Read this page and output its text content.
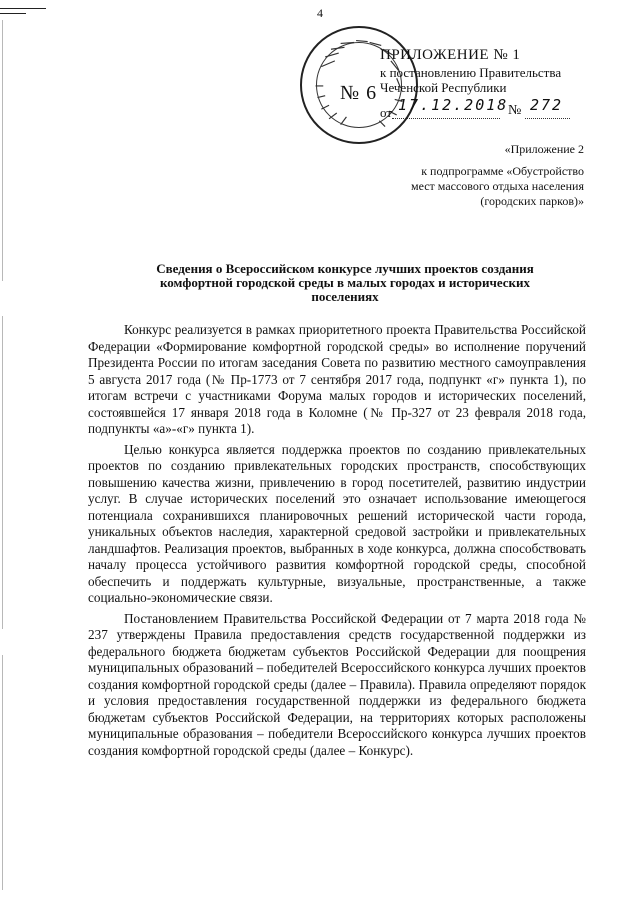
4
№ 6
ПРИЛОЖЕНИЕ № 1
к постановлению Правительства
Чеченской Республики
от 17.12.2018 № 272
«Приложение 2
к подпрограмме «Обустройство
мест массового отдыха населения
(городских парков)»
Сведения о Всероссийском конкурсе лучших проектов создания
комфортной городской среды в малых городах и исторических
поселениях

Конкурс реализуется в рамках приоритетного проекта Правительства Российской Федерации «Формирование комфортной городской среды» во исполнение поручений Президента России по итогам заседания Совета по развитию местного самоуправления 5 августа 2017 года (№ Пр-1773 от 7 сентября 2017 года, подпункт «г» пункта 1), по итогам встречи с участниками Форума малых городов и исторических поселений, состоявшейся 17 января 2018 года в Коломне (№ Пр-327 от 23 февраля 2018 года, подпункты «а»-«г» пункта 1).

Целью конкурса является поддержка проектов по созданию привлекательных проектов по созданию привлекательных городских пространств, способствующих повышению качества жизни, привлечению в город посетителей, развитию индустрии услуг. В случае исторических поселений это означает использование имеющегося потенциала сохранившихся планировочных решений исторической части города, уникальных объектов наследия, характерной средовой застройки и привлекательных ландшафтов. Реализация проектов, выбранных в ходе конкурса, должна способствовать началу процесса устойчивого развития комфортной городской среды, способной обеспечить и поддержать культурные, визуальные, пространственные, а также социально-экономические связи.

Постановлением Правительства Российской Федерации от 7 марта 2018 года № 237 утверждены Правила предоставления средств государственной поддержки из федерального бюджета бюджетам субъектов Российской Федерации для поощрения муниципальных образований – победителей Всероссийского конкурса лучших проектов создания комфортной городской среды (далее – Правила). Правила определяют порядок и условия предоставления государственной поддержки из федерального бюджета бюджетам субъектов Российской Федерации, на территориях которых расположены муниципальные образования – победители Всероссийского конкурса лучших проектов создания комфортной городской среды (далее – Конкурс).
